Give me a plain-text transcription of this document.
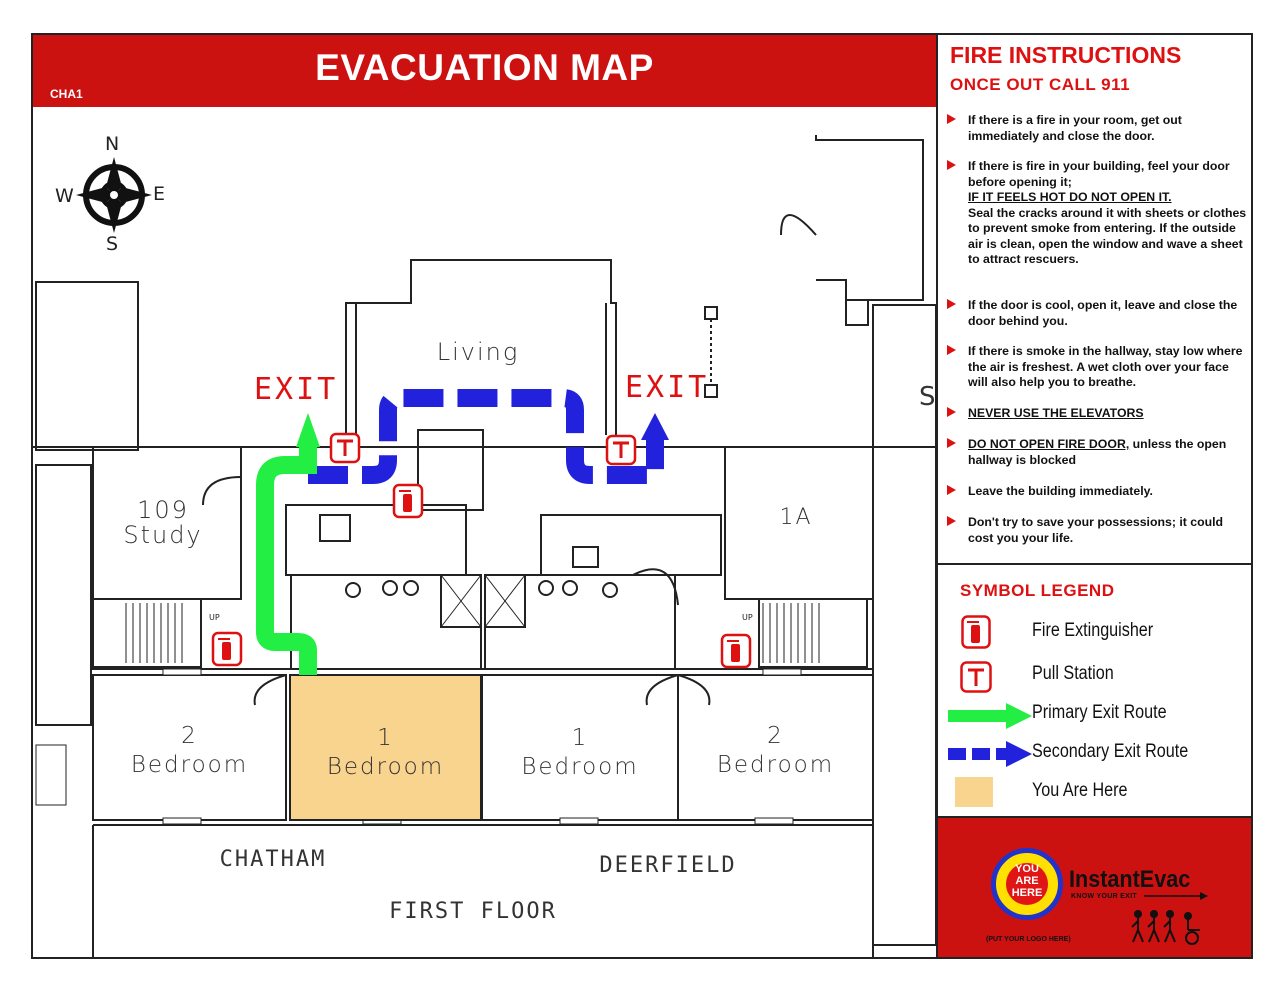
EVACUATION MAP
CHA1
UP	UP
S
N
S
E
W
EXIT	EXIT
Living
109
Study
1A
2
Bedroom
1
Bedroom
1
Bedroom
2
Bedroom
CHATHAM	DEERFIELD
FIRST FLOOR
FIRE INSTRUCTIONS
ONCE OUT CALL 911
If there is a fire in your room, get out immediately and close the door.
If there is fire in your building, feel your door before opening it;
IF IT FEELS HOT DO NOT OPEN IT.
Seal the cracks around it with sheets or clothes to prevent smoke from entering. If the outside air is clean, open the window and wave a sheet to attract rescuers.
If the door is cool, open it, leave and close the door behind you.
If there is smoke in the hallway, stay low where the air is freshest. A wet cloth over your face will also help you to breathe.
NEVER USE THE ELEVATORS
DO NOT OPEN FIRE DOOR, unless the open hallway is blocked
Leave the building immediately.
Don't try to save your possessions; it could cost you your life.
SYMBOL LEGEND
Fire Extinguisher
Pull Station
Primary Exit Route
Secondary Exit Route
You Are Here
YOU
ARE
HERE	InstantEvac
KNOW YOUR EXIT
(PUT YOUR LOGO HERE)
